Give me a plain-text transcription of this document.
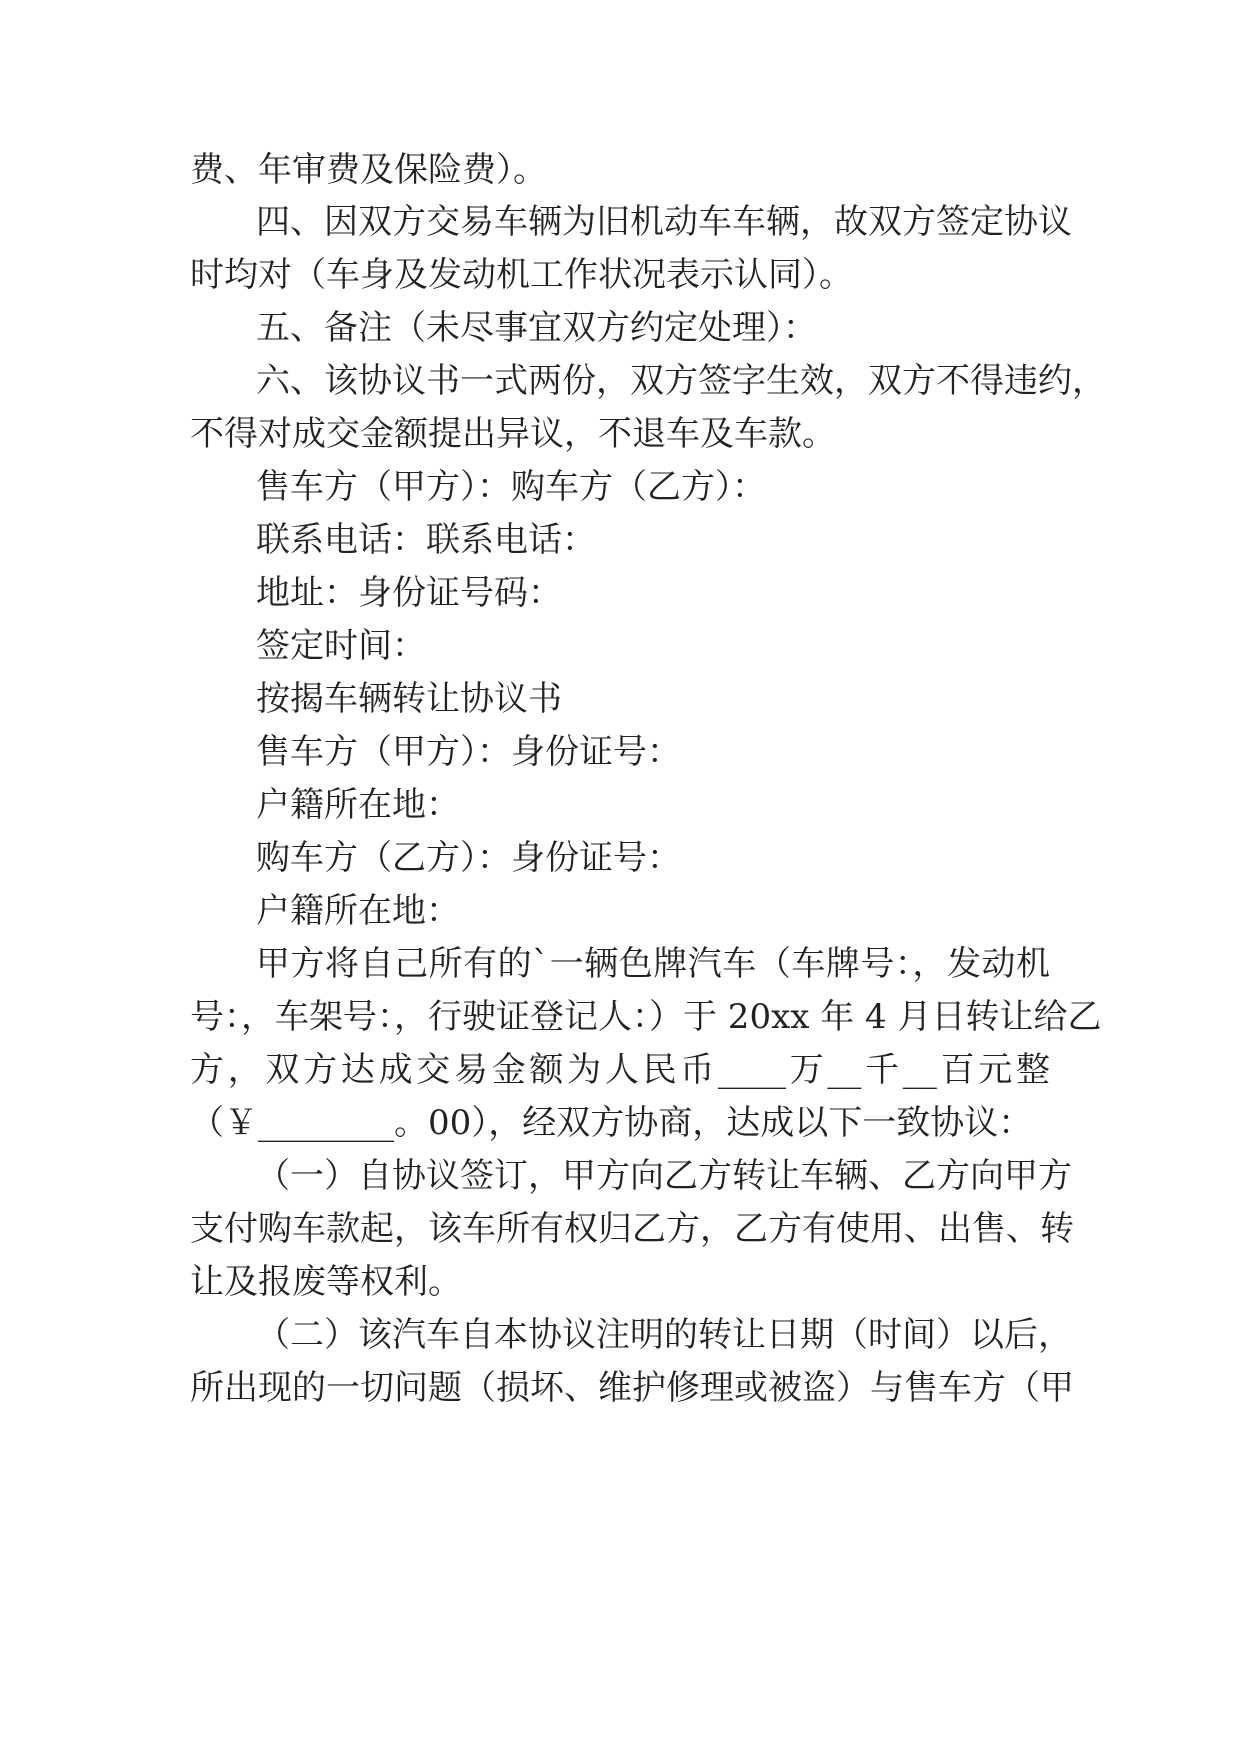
费、年审费及保险费）。
四、因双方交易车辆为旧机动车车辆，故双方签定协议
时均对（车身及发动机工作状况表示认同）。
五、备注（未尽事宜双方约定处理）：
六、该协议书一式两份，双方签字生效，双方不得违约，
不得对成交金额提出异议，不退车及车款。
售车方（甲方）：购车方（乙方）：
联系电话：联系电话：
地址：身份证号码：
签定时间：
按揭车辆转让协议书
售车方（甲方）：身份证号：
户籍所在地：
购车方（乙方）：身份证号：
户籍所在地：
甲方将自己所有的`一辆色牌汽车（车牌号：，发动机
号：，车架号：，行驶证登记人：）于 20xx 年 4 月日转让给乙
方，双方达成交易金额为人民币____万__千__百元整
（￥________。00），经双方协商，达成以下一致协议：
（一）自协议签订，甲方向乙方转让车辆、乙方向甲方
支付购车款起，该车所有权归乙方，乙方有使用、出售、转
让及报废等权利。
（二）该汽车自本协议注明的转让日期（时间）以后，
所出现的一切问题（损坏、维护修理或被盗）与售车方（甲
